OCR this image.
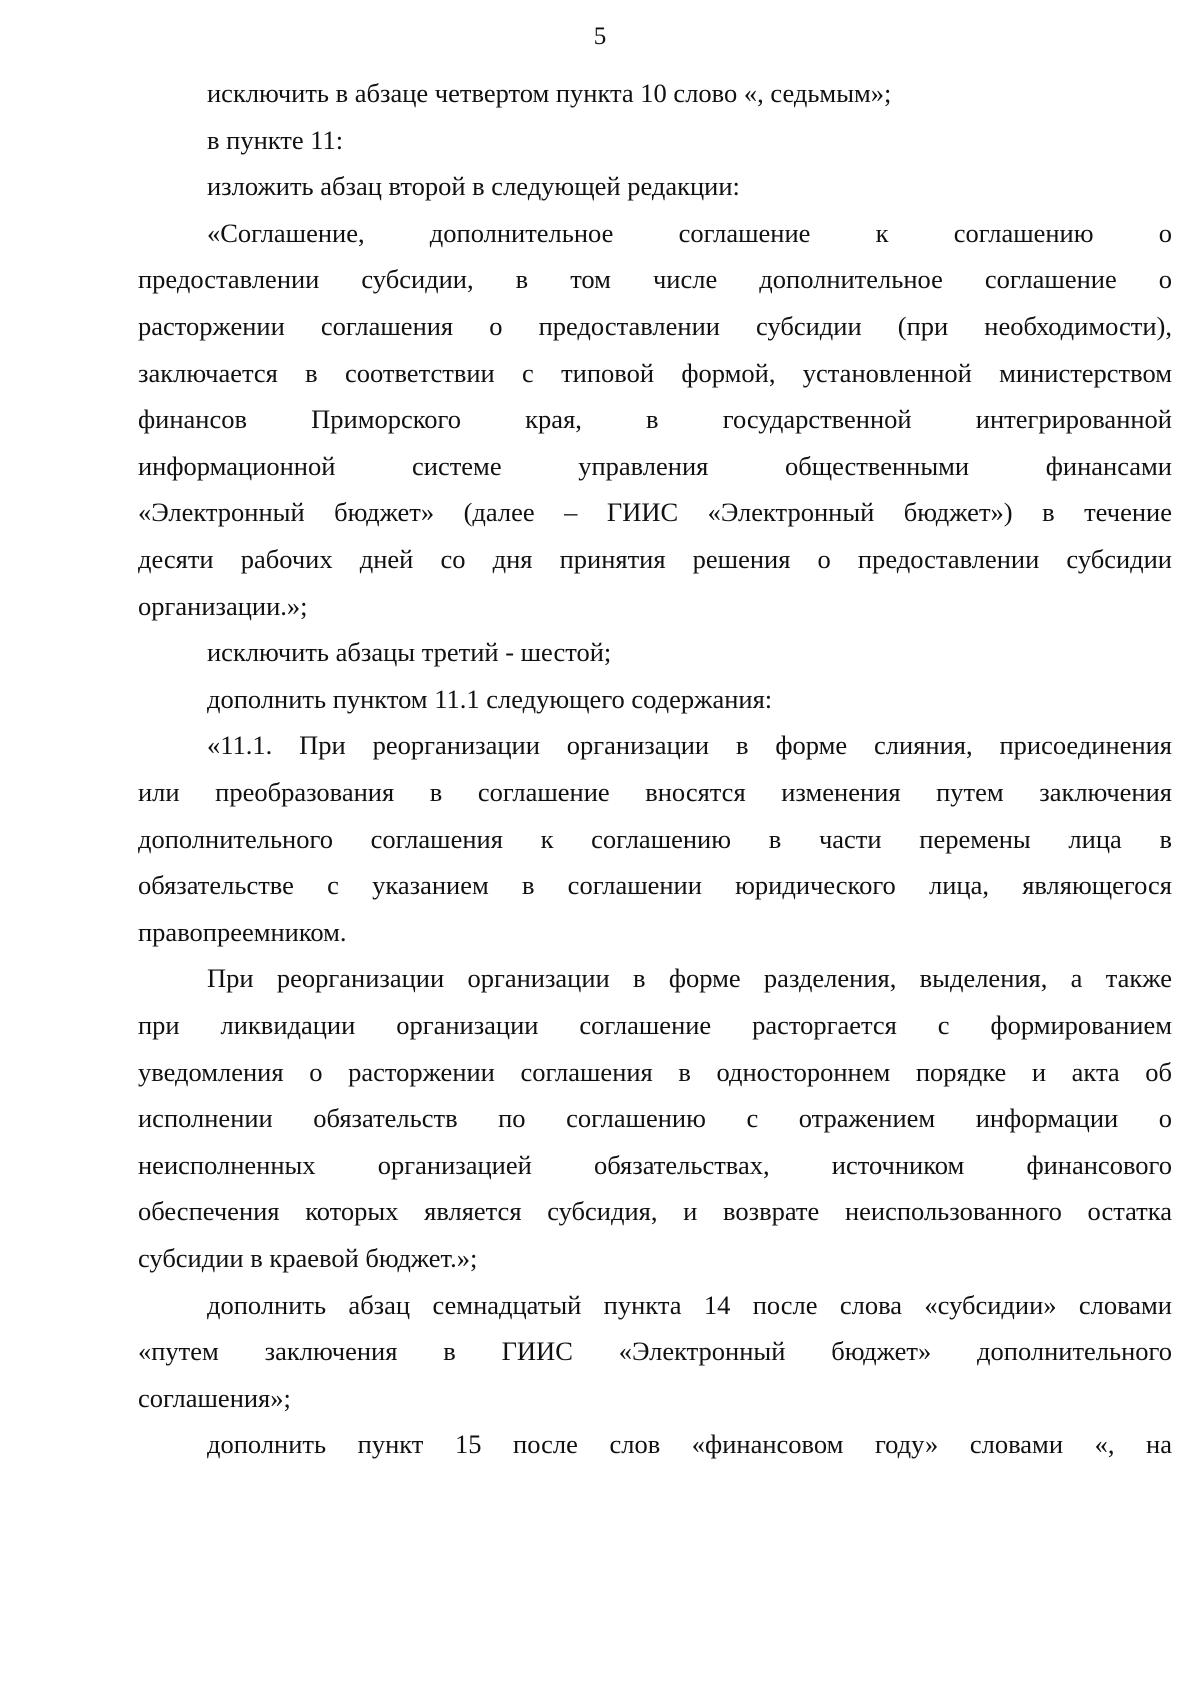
5
исключить в абзаце четвертом пункта 10 слово «, седьмым»;
в пункте 11:
изложить абзац второй в следующей редакции:
«Соглашение, дополнительное соглашение к соглашению о
предоставлении субсидии, в том числе дополнительное соглашение о
расторжении соглашения о предоставлении субсидии (при необходимости),
заключается в соответствии с типовой формой, установленной министерством
финансов Приморского края, в государственной интегрированной
информационной системе управления общественными финансами
«Электронный бюджет» (далее – ГИИС «Электронный бюджет») в течение
десяти рабочих дней со дня принятия решения о предоставлении субсидии
организации.»;
исключить абзацы третий - шестой;
дополнить пунктом 11.1 следующего содержания:
«11.1. При реорганизации организации в форме слияния, присоединения
или преобразования в соглашение вносятся изменения путем заключения
дополнительного соглашения к соглашению в части перемены лица в
обязательстве с указанием в соглашении юридического лица, являющегося
правопреемником.
При реорганизации организации в форме разделения, выделения, а также
при ликвидации организации соглашение расторгается с формированием
уведомления о расторжении соглашения в одностороннем порядке и акта об
исполнении обязательств по соглашению с отражением информации о
неисполненных организацией обязательствах, источником финансового
обеспечения которых является субсидия, и возврате неиспользованного остатка
субсидии в краевой бюджет.»;
дополнить абзац семнадцатый пункта 14 после слова «субсидии» словами
«путем заключения в ГИИС «Электронный бюджет» дополнительного
соглашения»;
дополнить пункт 15 после слов «финансовом году» словами «, на
